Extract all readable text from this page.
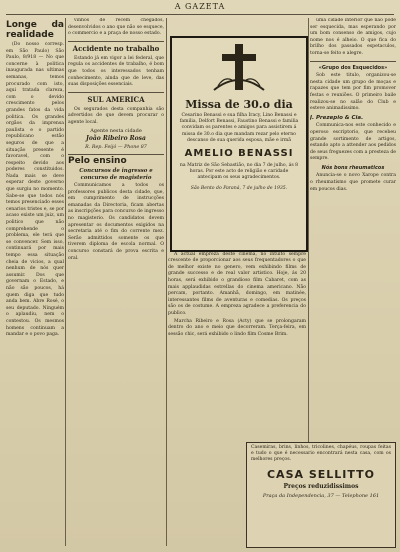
A GAZETA
Longe da realidade

(Do nosso corresp. em São Paulo) São Paulo, 8/918 — No que concerne à politica inaugurada nas ultimas semanas, temos procurado com isto, aqui tratada clareza, com o devido crescimento pelos grandes fatos da vida politica. Os grandes orgãos da imprensa paulista e o partido republicano estão seguros de que a situação presente é favoravel, com o respeito devido aos poderes constituidos. Nada mais se deve esperar deste governo que surgiu no momento. Sabe-se que todos nós temos presenciado esses cenarios tristes e, se por acaso existe um juiz, um politico que não comprehende o problema, ele terá que se convencer. Sem isso, continuará por mais tempo essa situação cheia de vicios, a qual nenhum de nós quer assumir. Dos que governam o Estado, e não são poucos, há quem diga que tudo anda bem. Abre Rosé, o seu deputado. Ninguém o aplaudiu, nem o contestou. Os mesmos homens continuam a mandar e o povo paga.

vinhos de recem chegados, desenvolvidos o ano que não se esquece, o commercio e a praça de nosso estado.

Accidente no trabalho

Estando já em vigor a lei federal, que regula os accidentes de trabalho, é bom que todos os interessados tenham conhecimento, ainda que de leve, das suas disposições essenciais.

SUL AMERICA

Os segurados desta companhia são advertidos de que devem procurar o agente local.

Agente nesta cidade
João Ribeiro Rosa
R. Rep. Feijó — Phone 87
Pelo ensino
Concursos de ingresso e concurso de magisterio

Communicamos a todos os professores publicos desta cidade, que, em cumprimento de instrucções emanadas da Directoria, ficam abertas as inscripções para concurso de ingresso no magisterio. Os candidatos devem apresentar os documentos exigidos na secretaria até o fim do corrente mez. Serão admittidos somente os que tiverem diploma de escola normal. O concurso constará de prova escrita e oral.

A actual empreza deste cinema, no intuito sempre crescente de proporcionar aos seus frequentadores o que de melhor existe no genero, vem exhibindo films de grande successo e de real valor artistico. Hoje, ás 20 horas, será exhibido o grandioso film Cabaret, com as mais applaudidas estrellas do cinema americano. Não percam, portanto. Amanhã, domingo, em matinée, interessantes films de aventuras e comedias. Os preços são os de costume. A empreza agradece a preferencia do publico.

Marcha Ribeiro e Rosa (Acty) que se prolongaram dentro do ano e meio que decorreram. Terça-feira, em sessão chic, será exhibido o lindo film Cosme Brim.

Missa de 30.o dia
Cesarino Benassi e sua filha Iracy, Lino Benassi e familia, Delfort Benassi, Faustino Benassi e familia convidam os parentes e amigos para assistirem á missa de 30.o dia que mandam rezar pelo eterno descanso de sua querida esposa, mãe e irmã
AMELIO BENASSI
na Matriz de São Sebastião, no dia 7 de julho, ás 8 horas. Por este acto de religião e caridade antecipam os seus agradecimentos.
São Bento do Paraná, 7 de julho de 1935.

uma cidade interior que não pode ser esquecida, mas esperando por um bom consenso de amigos, cujo nome nos é alheio. O que fica do brilho dos passados espetaculos, torna-se feito e alegre.

«Grupo dos Esquecidos»

Sob este titulo, organizou-se nesta cidade um grupo de moças e rapazes que tem por fim promover festas e reuniões. O primeiro baile realizou-se no salão do Club e esteve animadissimo.

J. Prezepio & Cia.

Communica-nos este conhecido e operoso escriptorio, que recebeu grande sortimento de artigos, estando apto a attender aos pedidos de seus freguezes com a presteza de sempre.

Nós bons rheumaticos

Anuncia-se o novo Xarope contra o rheumatismo que promete curar em poucos dias.

Casemiras, brins, linhos, tricolines, chapéus, roupas feitas e tudo o que é necessario encontrará nesta casa, com os melhores preços.
CASA SELLITTO
Preços reduzidissimos
Praça da Independencia, 37 — Telephone 161
